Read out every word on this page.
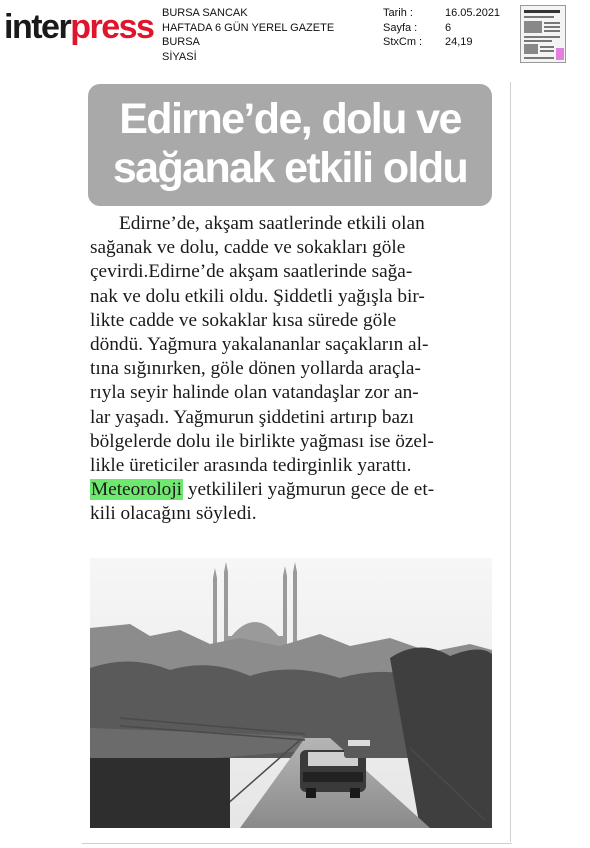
interpress BURSA SANCAK
HAFTADA 6 GÜN YEREL GAZETE
BURSA
SİYASİ
Tarih :	16.05.2021
Sayfa :	6
StxCm :	24,19
Edirne’de, dolu ve
sağanak etkili oldu
Edirne’de, akşam saatlerinde etkili olan
sağanak ve dolu, cadde ve sokakları göle
çevirdi.Edirne’de akşam saatlerinde sağa-
nak ve dolu etkili oldu. Şiddetli yağışla bir-
likte cadde ve sokaklar kısa sürede göle
döndü. Yağmura yakalananlar saçakların al-
tına sığınırken, göle dönen yollarda araçla-
rıyla seyir halinde olan vatandaşlar zor an-
lar yaşadı. Yağmurun şiddetini artırıp bazı
bölgelerde dolu ile birlikte yağması ise özel-
likle üreticiler arasında tedirginlik yarattı.
Meteoroloji yetkilileri yağmurun gece de et-
kili olacağını söyledi.
